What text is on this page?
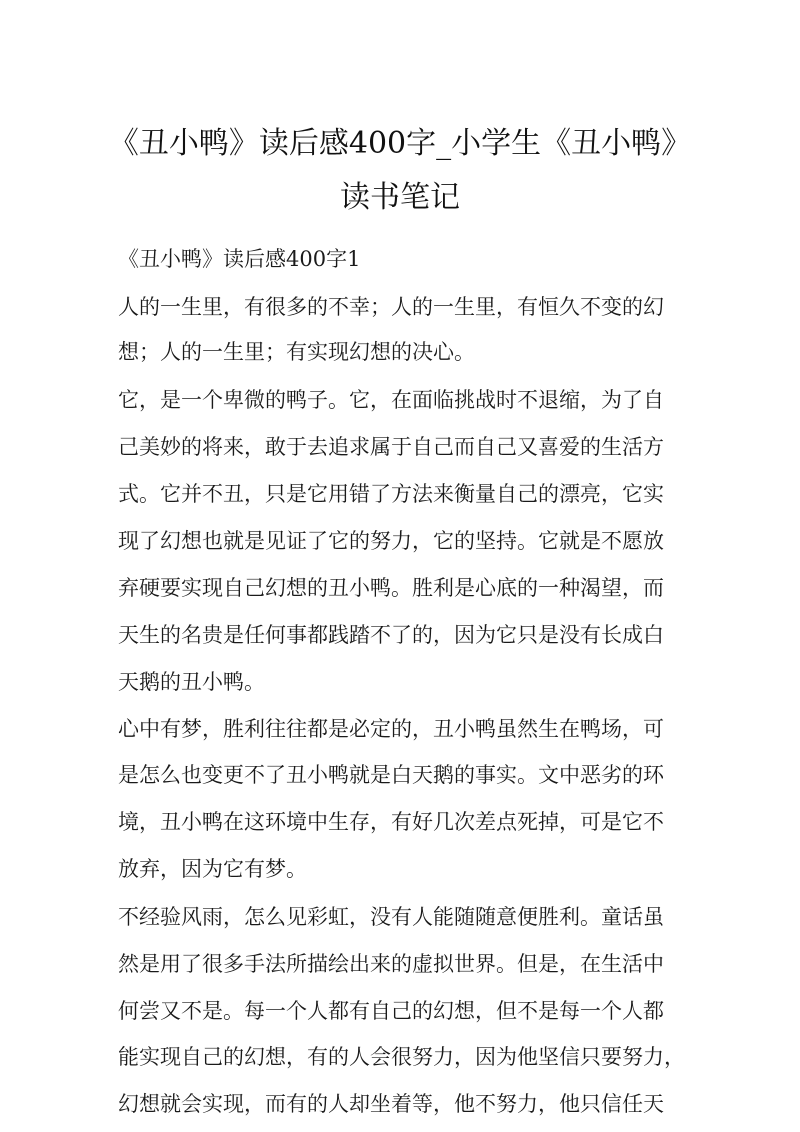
《丑小鸭》读后感400字_小学生《丑小鸭》
读书笔记
《丑小鸭》读后感400字1
人的一生里，有很多的不幸；人的一生里，有恒久不变的幻
想；人的一生里；有实现幻想的决心。
它，是一个卑微的鸭子。它，在面临挑战时不退缩，为了自
己美妙的将来，敢于去追求属于自己而自己又喜爱的生活方
式。它并不丑，只是它用错了方法来衡量自己的漂亮，它实
现了幻想也就是见证了它的努力，它的坚持。它就是不愿放
弃硬要实现自己幻想的丑小鸭。胜利是心底的一种渴望，而
天生的名贵是任何事都践踏不了的，因为它只是没有长成白
天鹅的丑小鸭。
心中有梦，胜利往往都是必定的，丑小鸭虽然生在鸭场，可
是怎么也变更不了丑小鸭就是白天鹅的事实。文中恶劣的环
境，丑小鸭在这环境中生存，有好几次差点死掉，可是它不
放弃，因为它有梦。
不经验风雨，怎么见彩虹，没有人能随随意便胜利。童话虽
然是用了很多手法所描绘出来的虚拟世界。但是，在生活中
何尝又不是。每一个人都有自己的幻想，但不是每一个人都
能实现自己的幻想，有的人会很努力，因为他坚信只要努力，
幻想就会实现，而有的人却坐着等，他不努力，他只信任天
